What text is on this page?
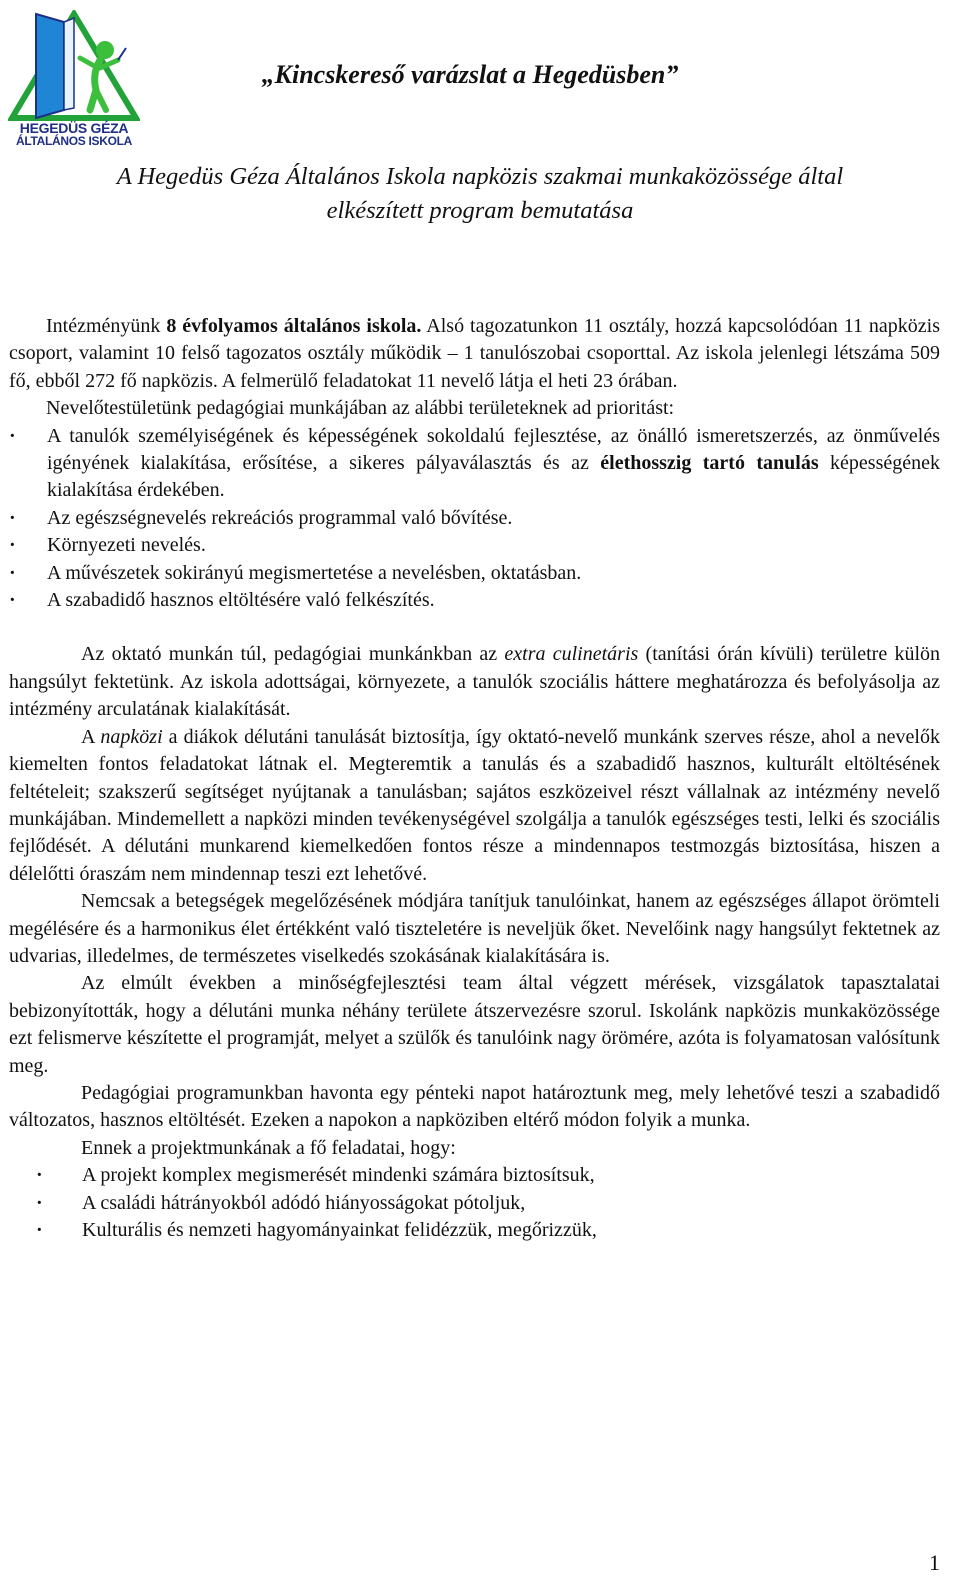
HEGEDÜS GÉZA
ÁLTALÁNOS ISKOLA
„Kincskereső varázslat a Hegedüsben”
A Hegedüs Géza Általános Iskola napközis szakmai munkaközössége által
elkészített program bemutatása

Intézményünk 8 évfolyamos általános iskola. Alsó tagozatunkon 11 osztály, hozzá kapcsolódóan 11 napközis csoport, valamint 10 felső tagozatos osztály működik – 1 tanulószobai csoporttal. Az iskola jelenlegi létszáma 509 fő, ebből 272 fő napközis. A felmerülő feladatokat 11 nevelő látja el heti 23 órában.

Nevelőtestületünk pedagógiai munkájában az alábbi területeknek ad prioritást:

· A tanulók személyiségének és képességének sokoldalú fejlesztése, az önálló ismeretszerzés, az önművelés igényének kialakítása, erősítése, a sikeres pályaválasztás és az élethosszig tartó tanulás képességének kialakítása érdekében.
· Az egészségnevelés rekreációs programmal való bővítése.
· Környezeti nevelés.
· A művészetek sokirányú megismertetése a nevelésben, oktatásban.
· A szabadidő hasznos eltöltésére való felkészítés.

Az oktató munkán túl, pedagógiai munkánkban az extra culinetáris (tanítási órán kívüli) területre külön hangsúlyt fektetünk. Az iskola adottságai, környezete, a tanulók szociális háttere meghatározza és befolyásolja az intézmény arculatának kialakítását.

A napközi a diákok délutáni tanulását biztosítja, így oktató-nevelő munkánk szerves része, ahol a nevelők kiemelten fontos feladatokat látnak el. Megteremtik a tanulás és a szabadidő hasznos, kulturált eltöltésének feltételeit; szakszerű segítséget nyújtanak a tanulásban; sajátos eszközeivel részt vállalnak az intézmény nevelő munkájában. Mindemellett a napközi minden tevékenységével szolgálja a tanulók egészséges testi, lelki és szociális fejlődését. A délutáni munkarend kiemelkedően fontos része a mindennapos testmozgás biztosítása, hiszen a délelőtti óraszám nem mindennap teszi ezt lehetővé.

Nemcsak a betegségek megelőzésének módjára tanítjuk tanulóinkat, hanem az egészséges állapot örömteli megélésére és a harmonikus élet értékként való tiszteletére is neveljük őket. Nevelőink nagy hangsúlyt fektetnek az udvarias, illedelmes, de természetes viselkedés szokásának kialakítására is.

Az elmúlt években a minőségfejlesztési team által végzett mérések, vizsgálatok tapasztalatai bebizonyították, hogy a délutáni munka néhány területe átszervezésre szorul. Iskolánk napközis munkaközössége ezt felismerve készítette el programját, melyet a szülők és tanulóink nagy örömére, azóta is folyamatosan valósítunk meg.

Pedagógiai programunkban havonta egy pénteki napot határoztunk meg, mely lehetővé teszi a szabadidő változatos, hasznos eltöltését. Ezeken a napokon a napköziben eltérő módon folyik a munka.

Ennek a projektmunkának a fő feladatai, hogy:

· A projekt komplex megismerését mindenki számára biztosítsuk,
· A családi hátrányokból adódó hiányosságokat pótoljuk,
· Kulturális és nemzeti hagyományainkat felidézzük, megőrizzük,
1
